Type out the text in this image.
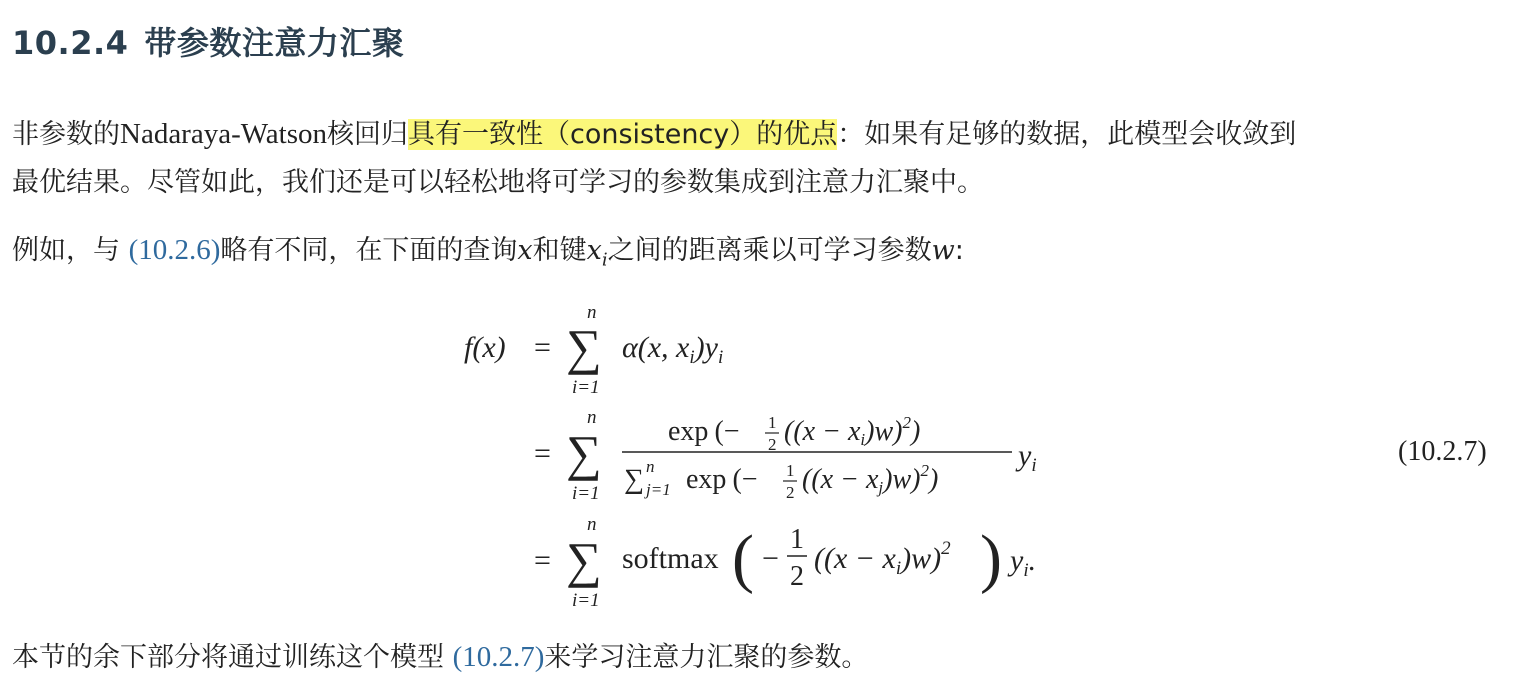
10.2.4 带参数注意力汇聚

非参数的Nadaraya-Watson核回归具有一致性（consistency）的优点：如果有足够的数据，此模型会收敛到
最优结果。尽管如此，我们还是可以轻松地将可学习的参数集成到注意力汇聚中。

例如，与 (10.2.6)略有不同，在下面的查询x和键$x_i$之间的距离乘以可学习参数w:

f(x) =
n
∑
i=1
α(x, $x_i)y_i$
=
n
∑
i=1
exp (− 1
2 $((x - xi)w)^2$)
∑ n
j=1 exp (− 1
2 $((x - xj)w)^2$)
$y_i$
=
n
∑
i=1
softmax ( −
1
2
$((x - x_i)w)^2$ ) $y_i$.
(10.2.7)

本节的余下部分将通过训练这个模型 (10.2.7)来学习注意力汇聚的参数。
